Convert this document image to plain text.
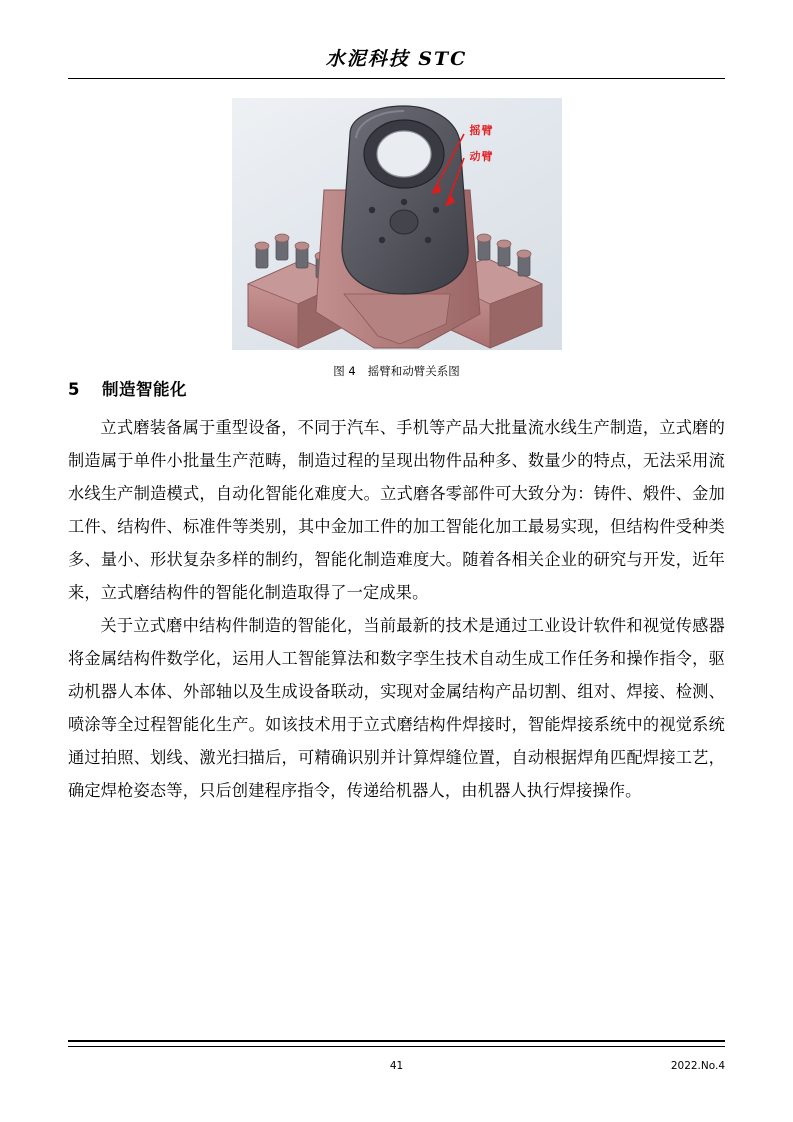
水泥科技 STC
摇臂
动臂
图 4 摇臂和动臂关系图
5 制造智能化

立式磨装备属于重型设备，不同于汽车、手机等产品大批量流水线生产制造，立式磨的制造属于单件小批量生产范畴，制造过程的呈现出物件品种多、数量少的特点，无法采用流水线生产制造模式，自动化智能化难度大。立式磨各零部件可大致分为：铸件、煅件、金加工件、结构件、标准件等类别，其中金加工件的加工智能化加工最易实现，但结构件受种类多、量小、形状复杂多样的制约，智能化制造难度大。随着各相关企业的研究与开发，近年来，立式磨结构件的智能化制造取得了一定成果。

关于立式磨中结构件制造的智能化，当前最新的技术是通过工业设计软件和视觉传感器将金属结构件数学化，运用人工智能算法和数字孪生技术自动生成工作任务和操作指令，驱动机器人本体、外部轴以及生成设备联动，实现对金属结构产品切割、组对、焊接、检测、喷涂等全过程智能化生产。如该技术用于立式磨结构件焊接时，智能焊接系统中的视觉系统通过拍照、划线、激光扫描后，可精确识别并计算焊缝位置，自动根据焊角匹配焊接工艺，确定焊枪姿态等，只后创建程序指令，传递给机器人，由机器人执行焊接操作。

41	2022.No.4
